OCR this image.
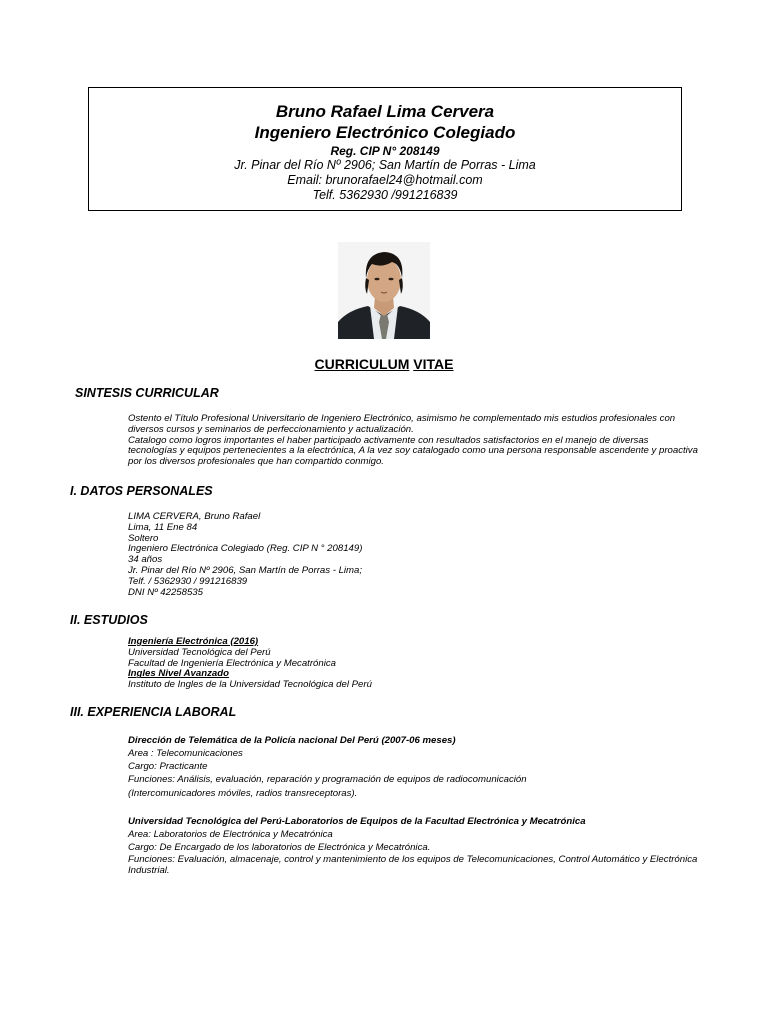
Bruno Rafael Lima Cervera
Ingeniero Electrónico Colegiado
Reg. CIP N° 208149
Jr. Pinar del Río Nº 2906; San Martín de Porras - Lima
Email: brunorafael24@hotmail.com
Telf. 5362930 /991216839
CURRICULUM VITAE
SINTESIS CURRICULAR

Ostento el Título Profesional Universitario de Ingeniero Electrónico, asimismo he complementado mis estudios profesionales con diversos cursos y seminarios de perfeccionamiento y actualización.

Catalogo como logros importantes el haber participado activamente con resultados satisfactorios en el manejo de diversas tecnologías y equipos pertenecientes a la electrónica, A la vez soy catalogado como una persona responsable ascendente y proactiva por los diversos profesionales que han compartido conmigo.

I. DATOS PERSONALES

LIMA CERVERA, Bruno Rafael

Lima, 11 Ene 84

Soltero

Ingeniero Electrónica Colegiado (Reg. CIP N ° 208149)

34 años

Jr. Pinar del Río Nº 2906, San Martín de Porras - Lima;

Telf. / 5362930 / 991216839

DNI Nº 42258535

II. ESTUDIOS

Ingeniería Electrónica (2016)

Universidad Tecnológica del Perú

Facultad de Ingeniería Electrónica y Mecatrónica

Ingles Nivel Avanzado

Instituto de Ingles de la Universidad Tecnológica del Perú

III. EXPERIENCIA LABORAL
Dirección de Telemática de la Policía nacional Del Perú (2007-06 meses)
Area : Telecomunicaciones
Cargo: Practicante
Funciones: Análisis, evaluación, reparación y programación de equipos de radiocomunicación
(Intercomunicadores móviles, radios transreceptoras).
Universidad Tecnológica del Perú-Laboratorios de Equipos de la Facultad Electrónica y Mecatrónica
Area: Laboratorios de Electrónica y Mecatrónica
Cargo: De Encargado de los laboratorios de Electrónica y Mecatrónica.
Funciones: Evaluación, almacenaje, control y mantenimiento de los equipos de Telecomunicaciones, Control Automático y Electrónica Industrial.
